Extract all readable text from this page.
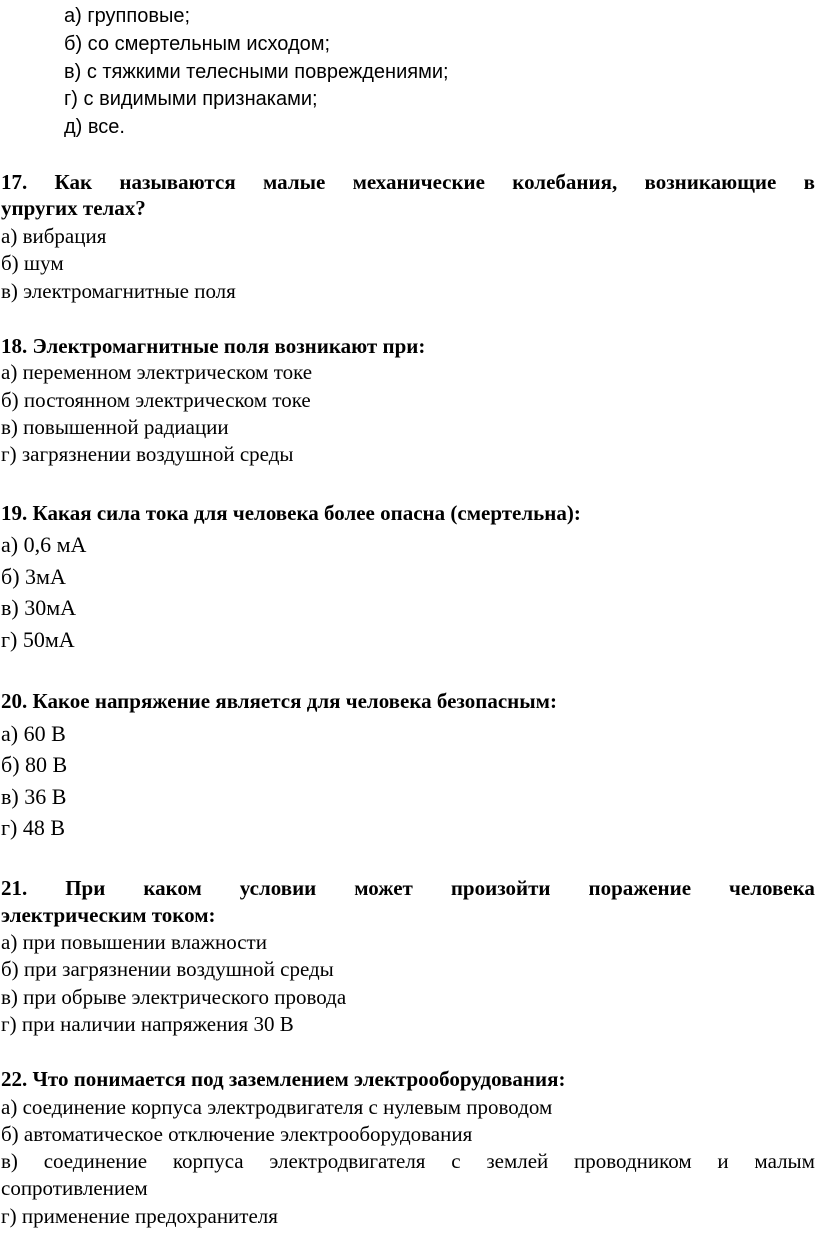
а) групповые;
б) со смертельным исходом;
в) с тяжкими телесными повреждениями;
г) с видимыми признаками;
д) все.
17. Как называются малые механические колебания, возникающие в
упругих телах?
а) вибрация
б) шум
в) электромагнитные поля
18. Электромагнитные поля возникают при:
а) переменном электрическом токе
б) постоянном электрическом токе
в) повышенной радиации
г) загрязнении воздушной среды
19. Какая сила тока для человека более опасна (смертельна):
а) 0,6 мА
б) 3мА
в) 30мА
г) 50мА
20. Какое напряжение является для человека безопасным:
а) 60 В
б) 80 В
в) 36 В
г) 48 В
21. При каком условии может произойти поражение человека
электрическим током:
а) при повышении влажности
б) при загрязнении воздушной среды
в) при обрыве электрического провода
г) при наличии напряжения 30 В
22. Что понимается под заземлением электрооборудования:
а) соединение корпуса электродвигателя с нулевым проводом
б) автоматическое отключение электрооборудования
в) соединение корпуса электродвигателя с землей проводником и малым
сопротивлением
г) применение предохранителя
